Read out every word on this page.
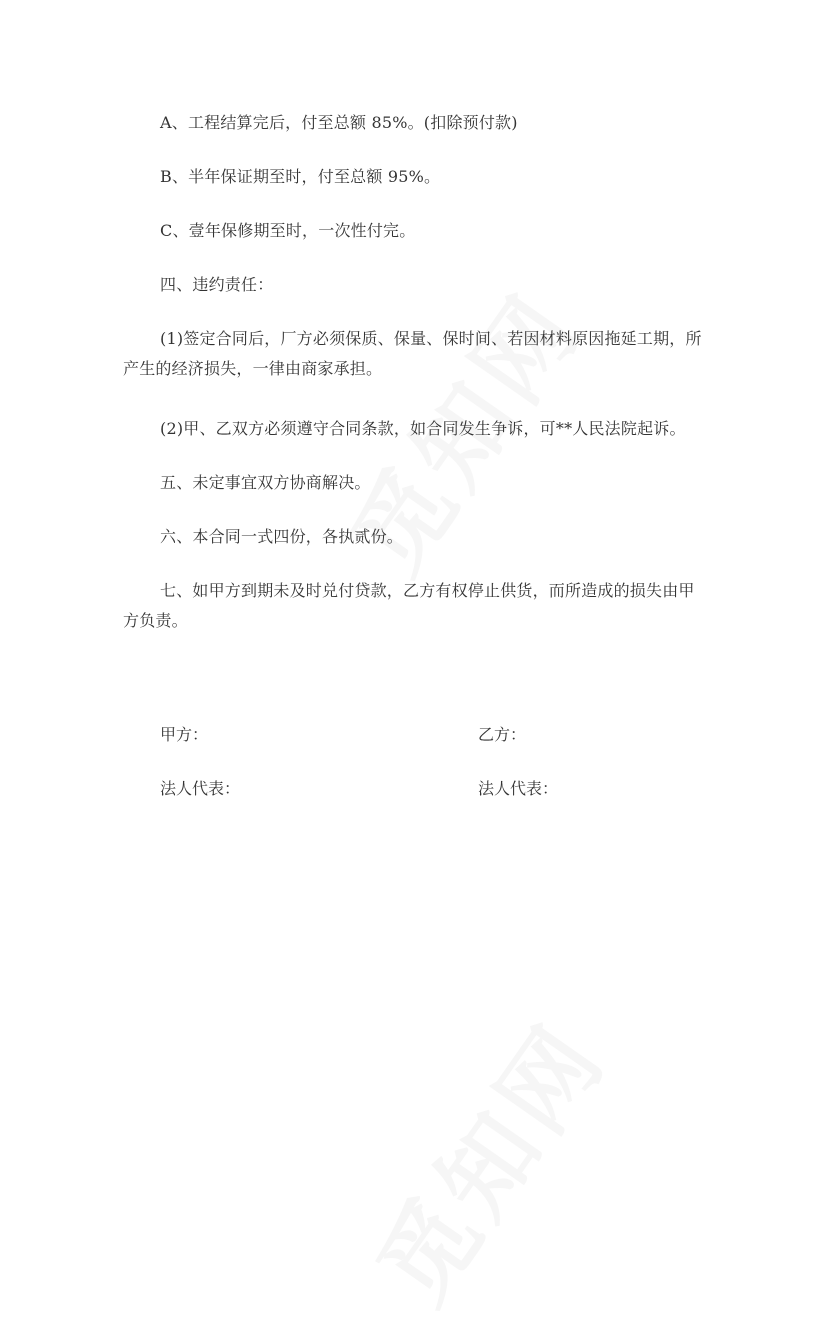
A、工程结算完后，付至总额 85%。(扣除预付款)

B、半年保证期至时，付至总额 95%。

C、壹年保修期至时，一次性付完。

四、违约责任：

(1)签定合同后，厂方必须保质、保量、保时间、若因材料原因拖延工期，所产生的经济损失，一律由商家承担。

(2)甲、乙双方必须遵守合同条款，如合同发生争诉，可**人民法院起诉。

五、未定事宜双方协商解决。

六、本合同一式四份，各执贰份。

七、如甲方到期未及时兑付贷款，乙方有权停止供货，而所造成的损失由甲方负责。

甲方：	乙方：

法人代表：	法人代表：
